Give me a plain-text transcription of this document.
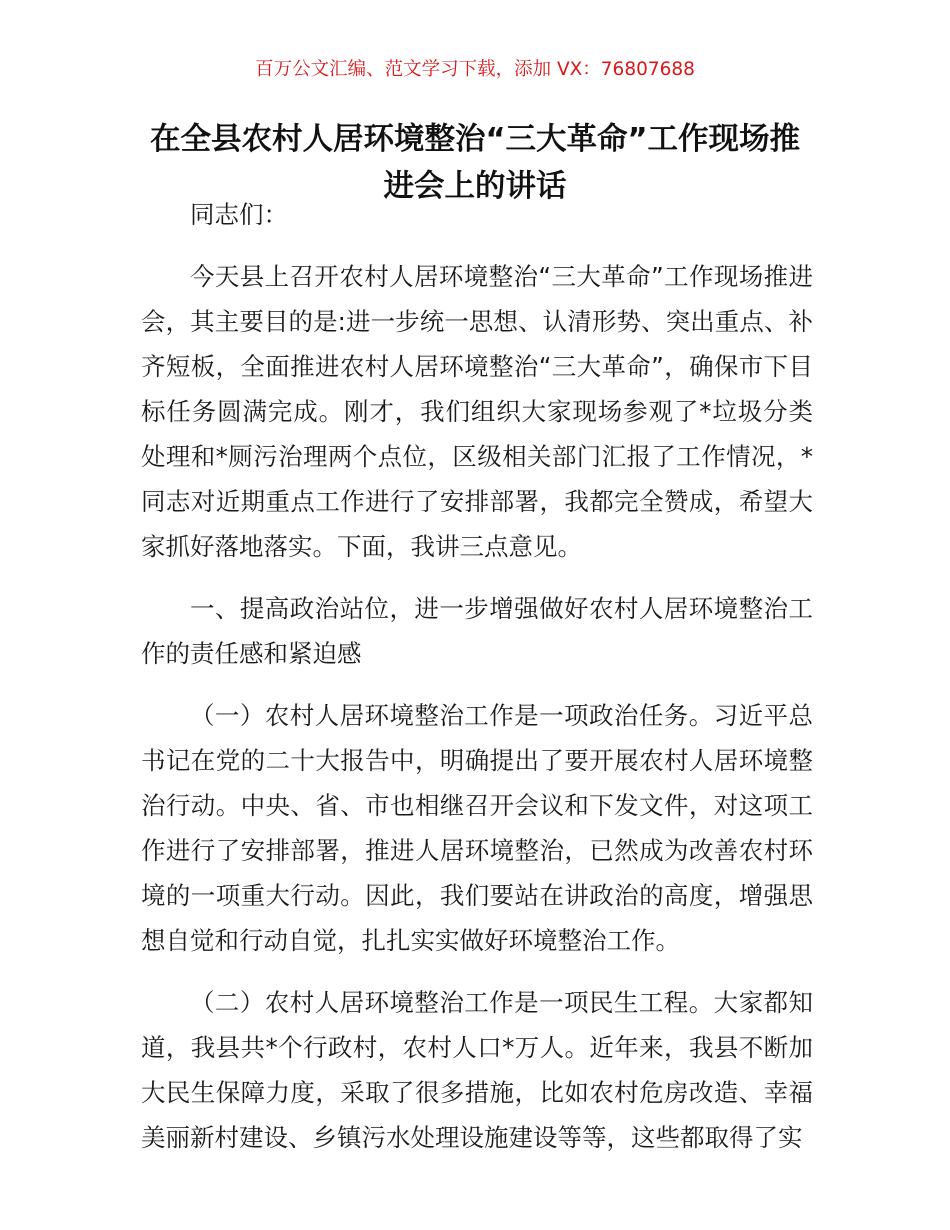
百万公文汇编、范文学习下载，添加 VX：76807688
在全县农村人居环境整治“三大革命”工作现场推进会上的讲话

同志们：

今天县上召开农村人居环境整治“三大革命”工作现场推进会，其主要目的是:进一步统一思想、认清形势、突出重点、补齐短板，全面推进农村人居环境整治“三大革命”，确保市下目标任务圆满完成。刚才，我们组织大家现场参观了*垃圾分类处理和*厕污治理两个点位，区级相关部门汇报了工作情况，*同志对近期重点工作进行了安排部署，我都完全赞成，希望大家抓好落地落实。下面，我讲三点意见。

一、提高政治站位，进一步增强做好农村人居环境整治工作的责任感和紧迫感

（一）农村人居环境整治工作是一项政治任务。习近平总书记在党的二十大报告中，明确提出了要开展农村人居环境整治行动。中央、省、市也相继召开会议和下发文件，对这项工作进行了安排部署，推进人居环境整治，已然成为改善农村环境的一项重大行动。因此，我们要站在讲政治的高度，增强思想自觉和行动自觉，扎扎实实做好环境整治工作。

（二）农村人居环境整治工作是一项民生工程。大家都知道，我县共*个行政村，农村人口*万人。近年来，我县不断加大民生保障力度，采取了很多措施，比如农村危房改造、幸福美丽新村建设、乡镇污水处理设施建设等等，这些都取得了实
